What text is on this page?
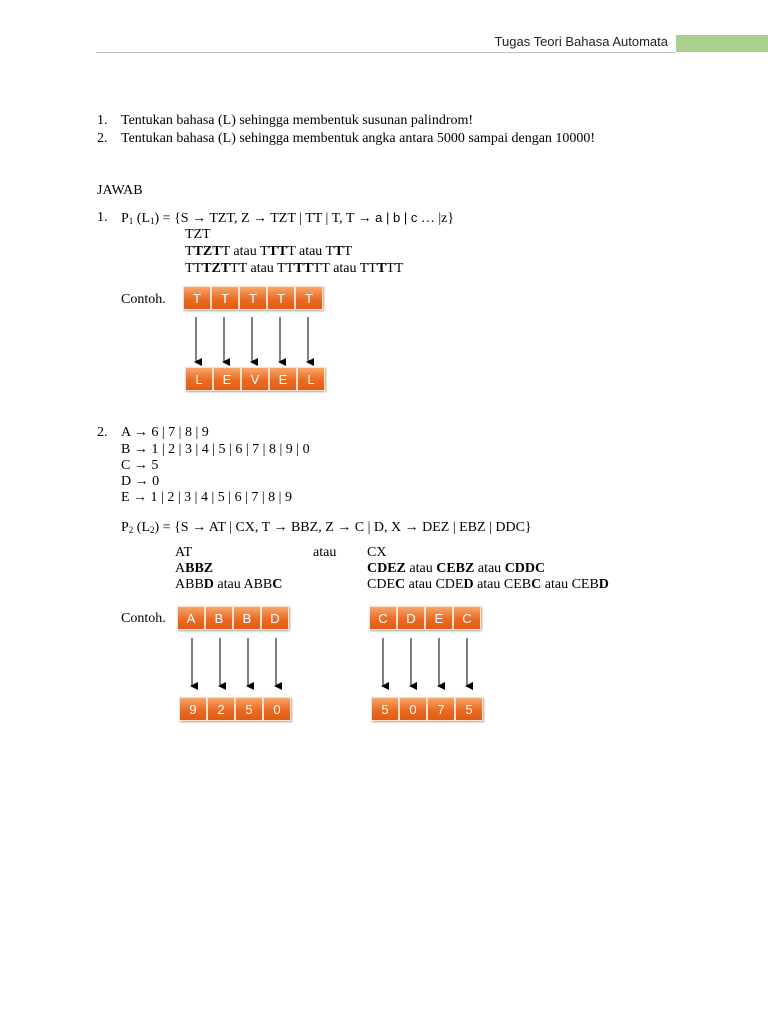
Tugas Teori Bahasa Automata
1. Tentukan bahasa (L) sehingga membentuk susunan palindrom!
2. Tentukan bahasa (L) sehingga membentuk angka antara 5000 sampai dengan 10000!
JAWAB
1. $P_1$ $(L_1) = \{S$ → TZT, Z → TZT | TT | T, T → a | b | c … |z}
TZT
TTZTT atau TTTT atau TTT
TTTZTTT atau TTTTTT atau TTTTT
Contoh.	T	T	T	T	T
L	E	V	E	L
2. A → 6 | 7 | 8 | 9
B → 1 | 2 | 3 | 4 | 5 | 6 | 7 | 8 | 9 | 0
C → 5
D → 0
E → 1 | 2 | 3 | 4 | 5 | 6 | 7 | 8 | 9
$P_2$ $(L_2) = \{S$ → AT | CX, T → BBZ, Z → C | D, X → DEZ | EBZ | DDC}
AT	atau CX
ABBZ	CDEZ atau CEBZ atau CDDC
ABBD atau ABBC	CDEC atau CDED atau CEBC atau CEBD
Contoh.	A	B	B	D	C	D	E	C
9	2	5	0	5	0	7	5
